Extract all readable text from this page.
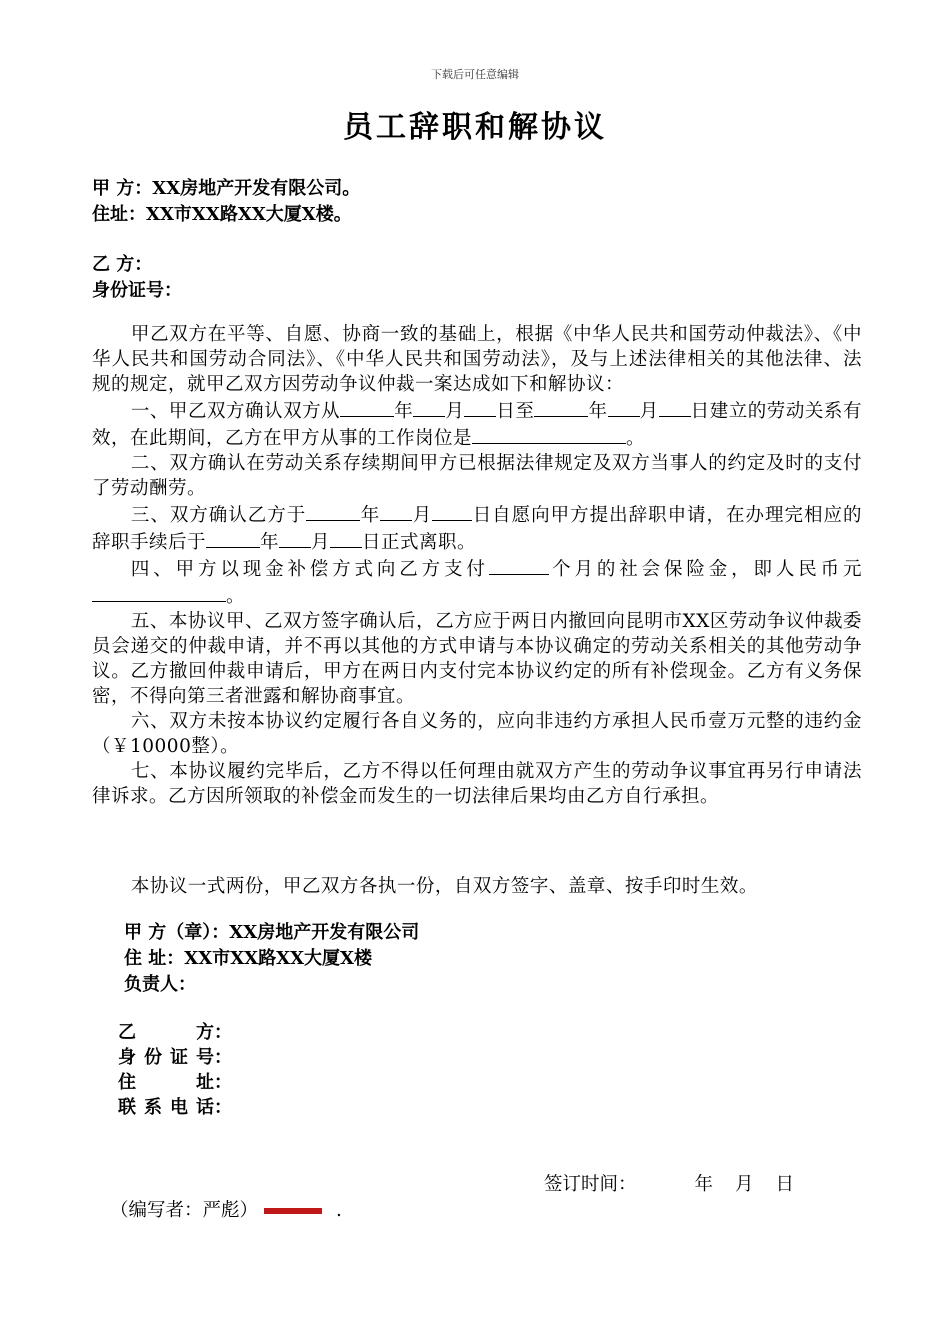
下载后可任意编辑
员工辞职和解协议
甲 方：XX房地产开发有限公司。
住址：XX市XX路XX大厦X楼。
乙 方：
身份证号：

甲乙双方在平等、自愿、协商一致的基础上，根据《中华人民共和国劳动仲裁法》、《中华人民共和国劳动合同法》、《中华人民共和国劳动法》，及与上述法律相关的其他法律、法规的规定，就甲乙双方因劳动争议仲裁一案达成如下和解协议：

一、甲乙双方确认双方从	年 月 日至	年 月 日建立的劳动关系有效，在此期间，乙方在甲方从事的工作岗位是	。

二、双方确认在劳动关系存续期间甲方已根据法律规定及双方当事人的约定及时的支付了劳动酬劳。

三、双方确认乙方于	年 月 日自愿向甲方提出辞职申请，在办理完相应的辞职手续后于	年 月 日正式离职。

四、甲方以现金补偿方式向乙方支付	个月的社会保险金，即人民币元。

五、本协议甲、乙双方签字确认后，乙方应于两日内撤回向昆明市XX区劳动争议仲裁委员会递交的仲裁申请，并不再以其他的方式申请与本协议确定的劳动关系相关的其他劳动争议。乙方撤回仲裁申请后，甲方在两日内支付完本协议约定的所有补偿现金。乙方有义务保密，不得向第三者泄露和解协商事宜。

六、双方未按本协议约定履行各自义务的，应向非违约方承担人民币壹万元整的违约金（￥10000整）。

七、本协议履约完毕后，乙方不得以任何理由就双方产生的劳动争议事宜再另行申请法律诉求。乙方因所领取的补偿金而发生的一切法律后果均由乙方自行承担。

本协议一式两份，甲乙双方各执一份，自双方签字、盖章、按手印时生效。
甲 方（章）：XX房地产开发有限公司
住 址：XX市XX路XX大厦X楼
负责人：
乙方：
身份证号：
住址：
联系电话：
签订时间：	年 月 日
（编写者：严彪）	.
